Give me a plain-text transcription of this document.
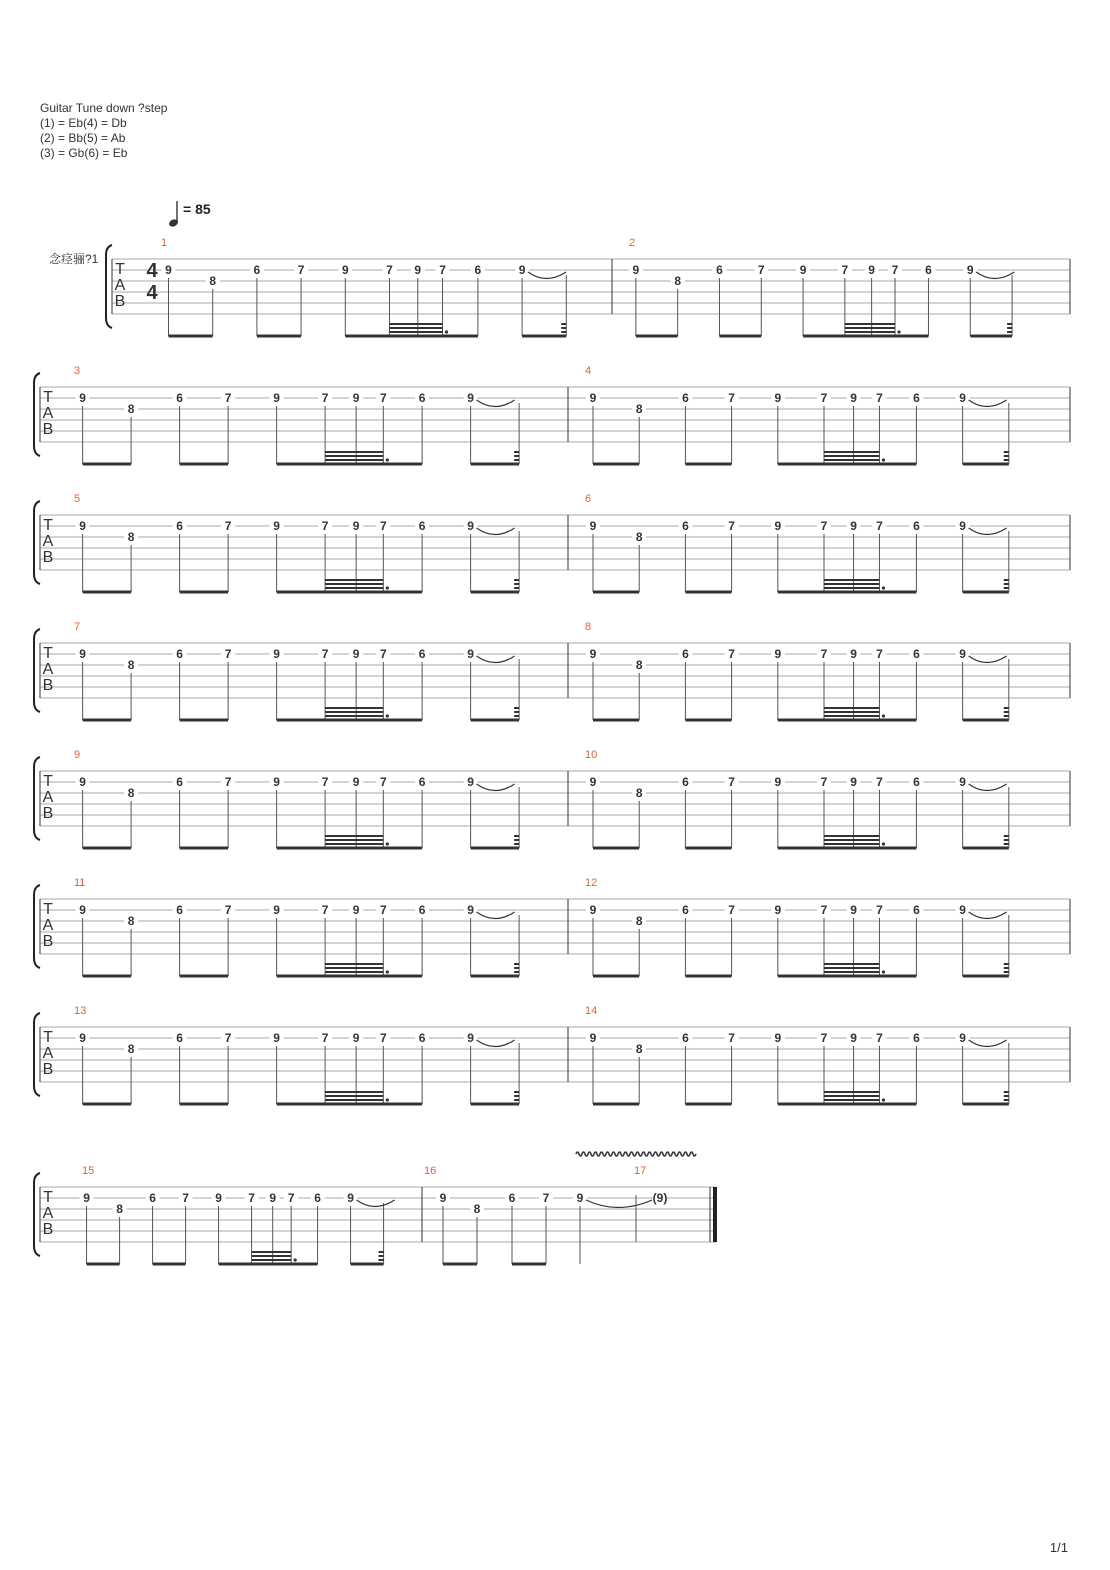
Guitar Tune down ?step
(1) = Eb(4) = Db
(2) = Bb(5) = Ab
(3) = Gb(6) = Eb
= 85
念痉骊?1
T
A
B
4
4
1
9
8
6	7	9	7 9 7 6	9
2
9
8
6	7	9	7 9 7 6	9
T
A
B
3
9
8
6	7	9	7 9 7	6	9
4
9
8
6	7	9	7 9 7	6	9
T
A
B
5
9
8
6	7	9	7 9 7	6	9
6
9
8
6	7	9	7 9 7	6	9
T
A
B
7
9
8
6	7	9	7 9 7	6	9
8
9
8
6	7	9	7 9 7	6	9
T
A
B
9
9
8
6	7	9	7 9 7	6	9
10
9
8
6	7	9	7 9 7	6	9
T
A
B
11
9
8
6	7	9	7 9 7	6	9
12
9
8
6	7	9	7 9 7	6	9
T
A
B
13
9
8
6	7	9	7 9 7	6	9
14
9
8
6	7	9	7 9 7	6	9
T
A
B
15
9
8
6 7 9 7 9 7 6 9
16
9
8
6 7 9
17
(9)
1/1
